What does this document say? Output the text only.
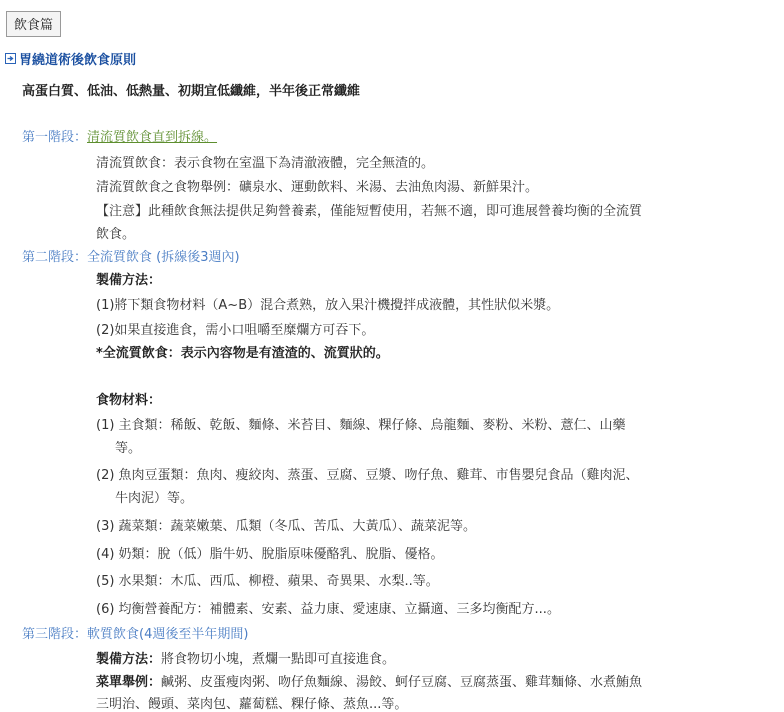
飲食篇
胃繞道術後飲食原則
高蛋白質、低油、低熱量、初期宜低纖維，半年後正常纖維
第一階段：清流質飲食直到拆線。
清流質飲食：表示食物在室溫下為清澈液體，完全無渣的。
清流質飲食之食物舉例：礦泉水、運動飲料、米湯、去油魚肉湯、新鮮果汁。
【注意】此種飲食無法提供足夠營養素，僅能短暫使用，若無不適，即可進展營養均衡的全流質
飲食。
第二階段：全流質飲食 (拆線後3週內)
製備方法：
(1)將下類食物材料（A~B）混合煮熟，放入果汁機攪拌成液體，其性狀似米漿。
(2)如果直接進食，需小口咀嚼至糜爛方可吞下。
*全流質飲食：表示內容物是有渣渣的、流質狀的。
食物材料：
(1) 主食類：稀飯、乾飯、麵條、米苔目、麵線、粿仔條、烏龍麵、麥粉、米粉、薏仁、山藥
等。
(2) 魚肉豆蛋類：魚肉、瘦絞肉、蒸蛋、豆腐、豆漿、吻仔魚、雞茸、市售嬰兒食品（雞肉泥、
牛肉泥）等。
(3) 蔬菜類：蔬菜嫩葉、瓜類（冬瓜、苦瓜、大黃瓜）、蔬菜泥等。
(4) 奶類：脫（低）脂牛奶、脫脂原味優酪乳、脫脂、優格。
(5) 水果類：木瓜、西瓜、柳橙、蘋果、奇異果、水梨..等。
(6) 均衡營養配方：補體素、安素、益力康、愛速康、立攝適、三多均衡配方...。
第三階段：軟質飲食(4週後至半年期間)
製備方法：將食物切小塊，煮爛一點即可直接進食。
菜單舉例：鹹粥、皮蛋瘦肉粥、吻仔魚麵線、湯餃、蚵仔豆腐、豆腐蒸蛋、雞茸麵條、水煮鮪魚
三明治、饅頭、菜肉包、蘿蔔糕、粿仔條、蒸魚...等。
